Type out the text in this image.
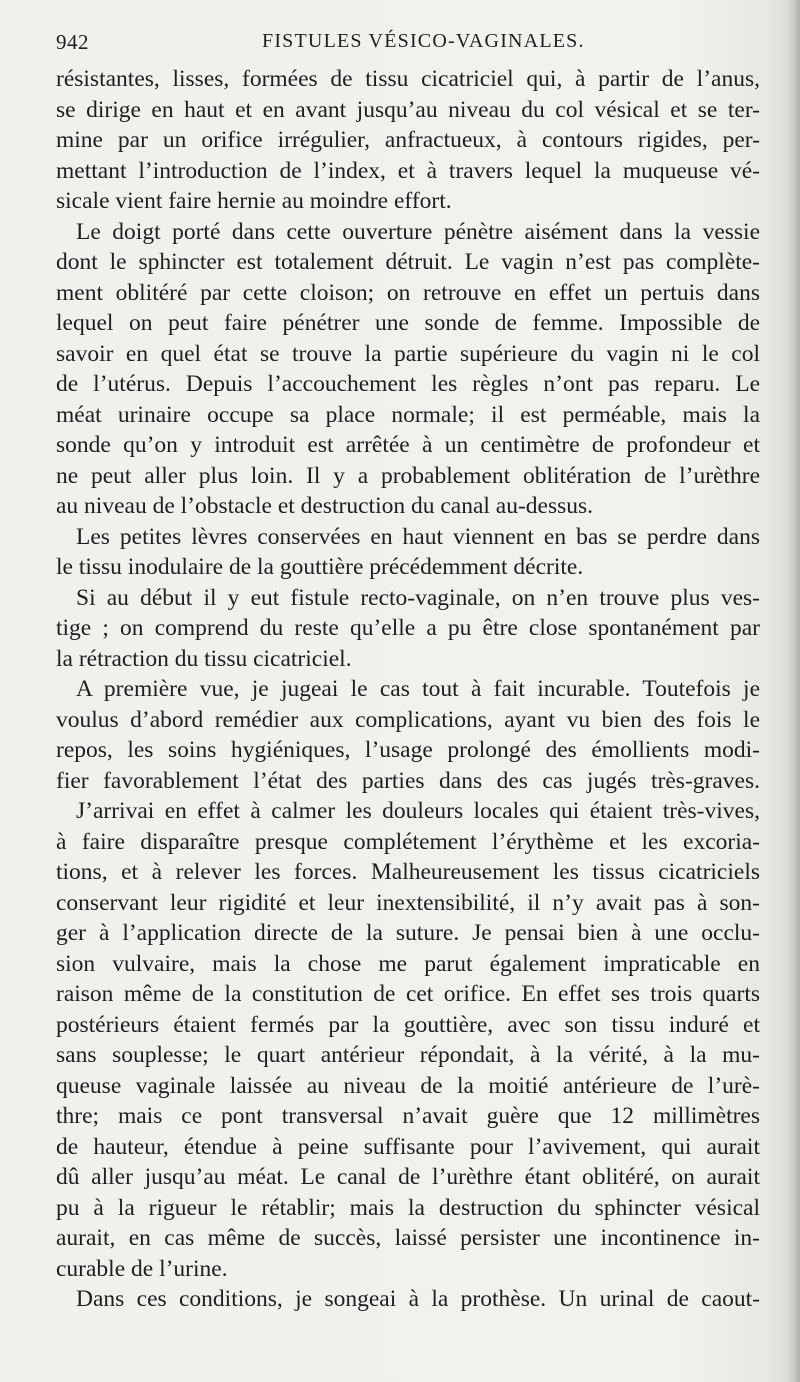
942	FISTULES VÉSICO-VAGINALES.
résistantes, lisses, formées de tissu cicatriciel qui, à partir de l’anus,
se dirige en haut et en avant jusqu’au niveau du col vésical et se ter-
mine par un orifice irrégulier, anfractueux, à contours rigides, per-
mettant l’introduction de l’index, et à travers lequel la muqueuse vé-
sicale vient faire hernie au moindre effort.
Le doigt porté dans cette ouverture pénètre aisément dans la vessie
dont le sphincter est totalement détruit. Le vagin n’est pas complète-
ment oblitéré par cette cloison; on retrouve en effet un pertuis dans
lequel on peut faire pénétrer une sonde de femme. Impossible de
savoir en quel état se trouve la partie supérieure du vagin ni le col
de l’utérus. Depuis l’accouchement les règles n’ont pas reparu. Le
méat urinaire occupe sa place normale; il est perméable, mais la
sonde qu’on y introduit est arrêtée à un centimètre de profondeur et
ne peut aller plus loin. Il y a probablement oblitération de l’urèthre
au niveau de l’obstacle et destruction du canal au-dessus.
Les petites lèvres conservées en haut viennent en bas se perdre dans
le tissu inodulaire de la gouttière précédemment décrite.
Si au début il y eut fistule recto-vaginale, on n’en trouve plus ves-
tige ; on comprend du reste qu’elle a pu être close spontanément par
la rétraction du tissu cicatriciel.
A première vue, je jugeai le cas tout à fait incurable. Toutefois je
voulus d’abord remédier aux complications, ayant vu bien des fois le
repos, les soins hygiéniques, l’usage prolongé des émollients modi-
fier favorablement l’état des parties dans des cas jugés très-graves.
J’arrivai en effet à calmer les douleurs locales qui étaient très-vives,
à faire disparaître presque complétement l’érythème et les excoria-
tions, et à relever les forces. Malheureusement les tissus cicatriciels
conservant leur rigidité et leur inextensibilité, il n’y avait pas à son-
ger à l’application directe de la suture. Je pensai bien à une occlu-
sion vulvaire, mais la chose me parut également impraticable en
raison même de la constitution de cet orifice. En effet ses trois quarts
postérieurs étaient fermés par la gouttière, avec son tissu induré et
sans souplesse; le quart antérieur répondait, à la vérité, à la mu-
queuse vaginale laissée au niveau de la moitié antérieure de l’urè-
thre; mais ce pont transversal n’avait guère que 12 millimètres
de hauteur, étendue à peine suffisante pour l’avivement, qui aurait
dû aller jusqu’au méat. Le canal de l’urèthre étant oblitéré, on aurait
pu à la rigueur le rétablir; mais la destruction du sphincter vésical
aurait, en cas même de succès, laissé persister une incontinence in-
curable de l’urine.
Dans ces conditions, je songeai à la prothèse. Un urinal de caout-
